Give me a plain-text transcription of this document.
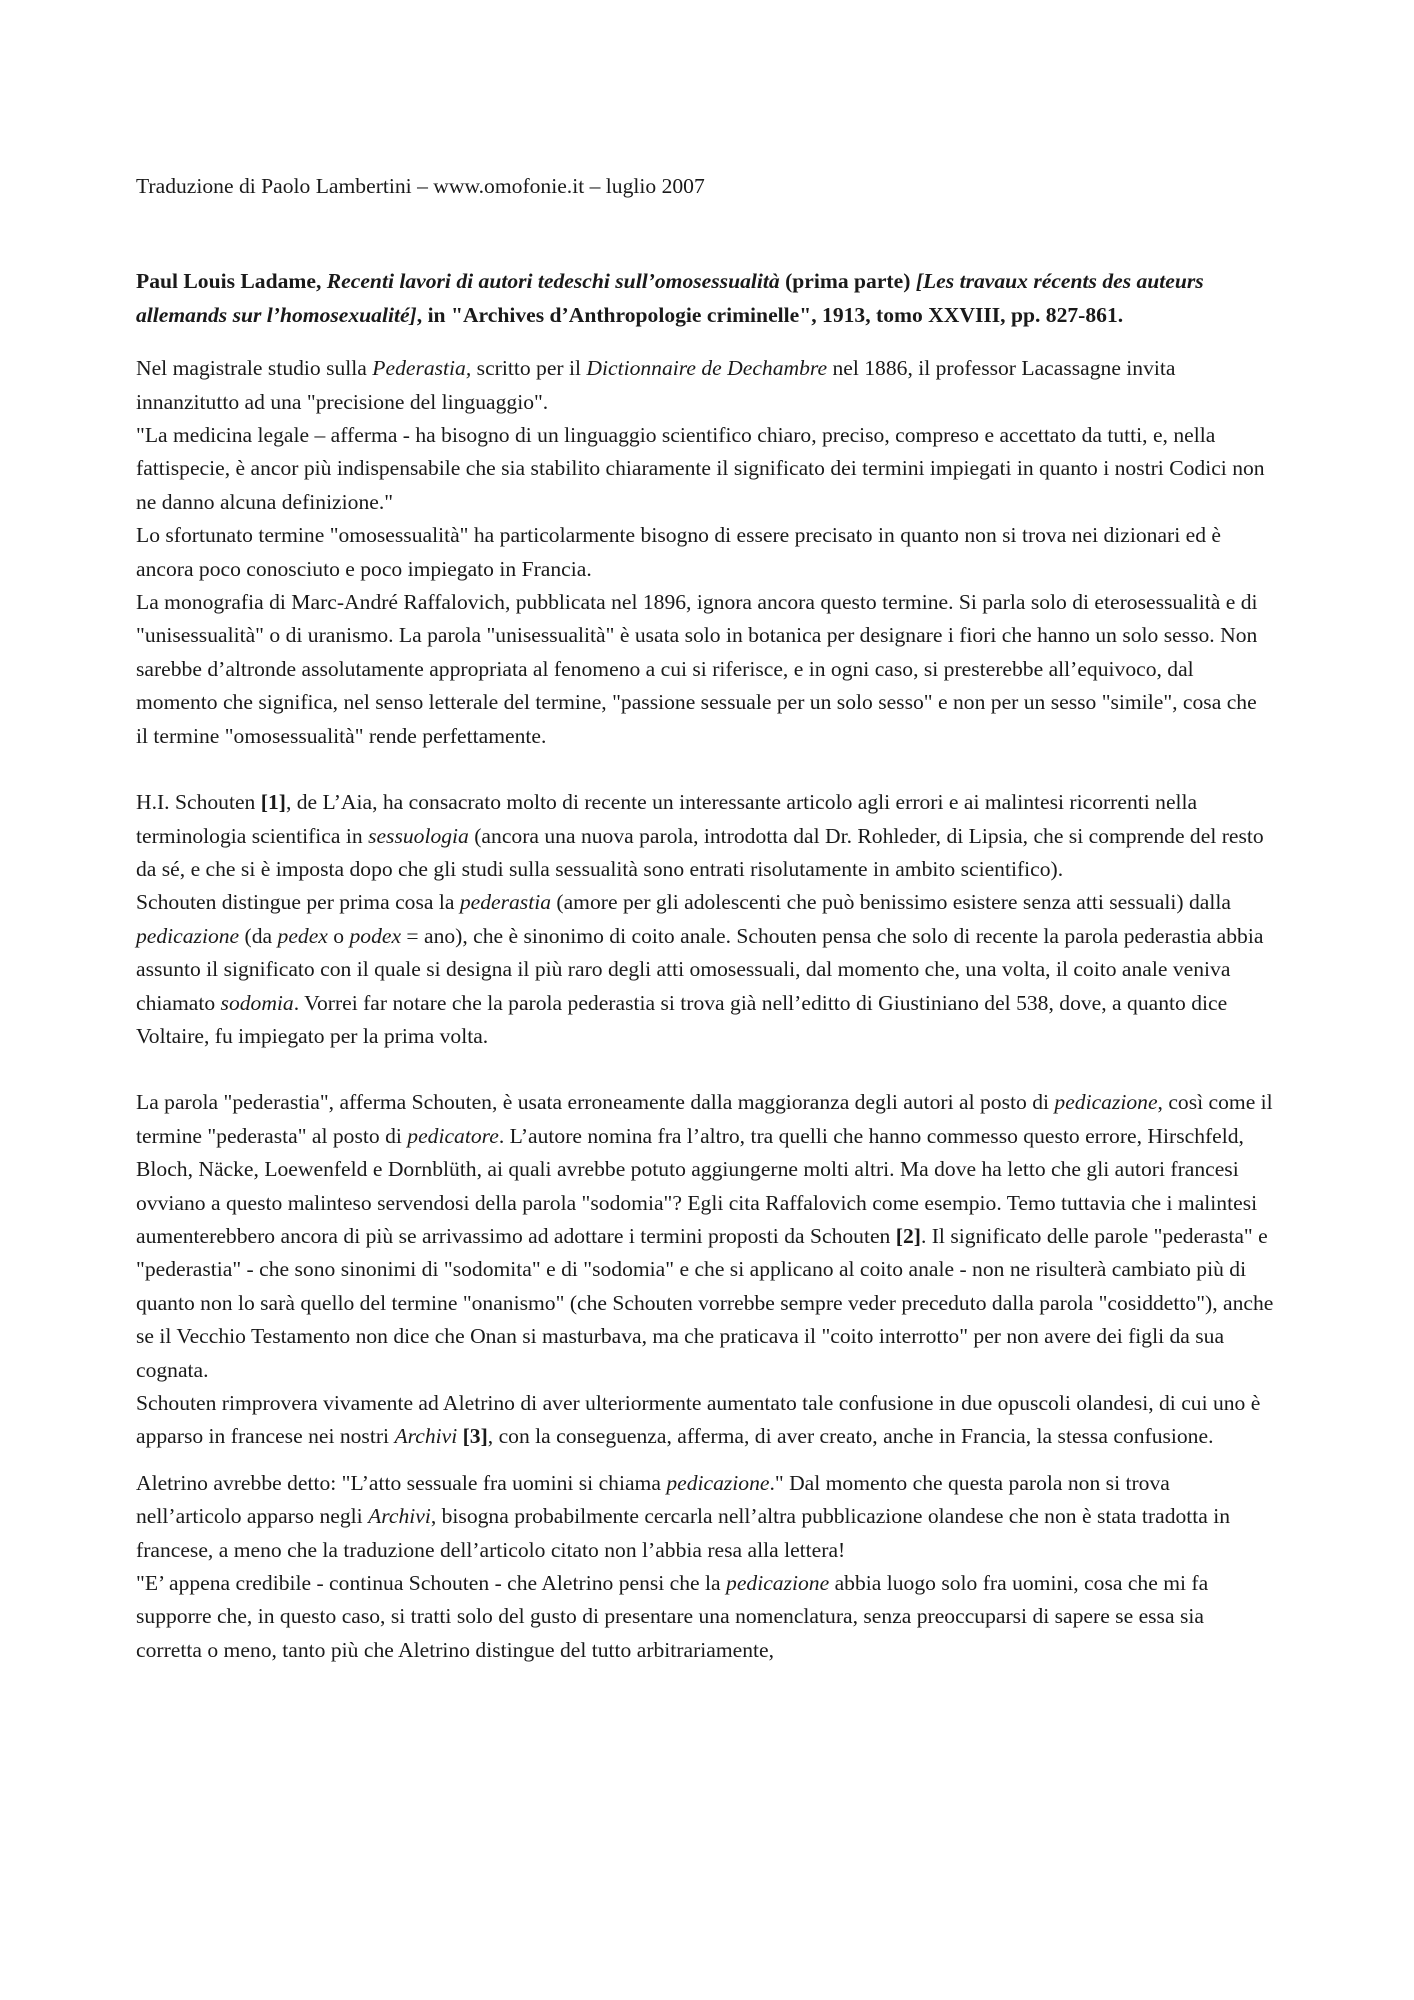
Traduzione di Paolo Lambertini – www.omofonie.it – luglio 2007

Paul Louis Ladame, Recenti lavori di autori tedeschi sull’omosessualità (prima parte) [Les travaux récents des auteurs allemands sur l’homosexualité], in "Archives d’Anthropologie criminelle", 1913, tomo XXVIII, pp. 827-861.

Nel magistrale studio sulla Pederastia, scritto per il Dictionnaire de Dechambre nel 1886, il professor Lacassagne invita innanzitutto ad una "precisione del linguaggio".

"La medicina legale – afferma - ha bisogno di un linguaggio scientifico chiaro, preciso, compreso e accettato da tutti, e, nella fattispecie, è ancor più indispensabile che sia stabilito chiaramente il significato dei termini impiegati in quanto i nostri Codici non ne danno alcuna definizione."

Lo sfortunato termine "omosessualità" ha particolarmente bisogno di essere precisato in quanto non si trova nei dizionari ed è ancora poco conosciuto e poco impiegato in Francia.

La monografia di Marc-André Raffalovich, pubblicata nel 1896, ignora ancora questo termine. Si parla solo di eterosessualità e di "unisessualità" o di uranismo. La parola "unisessualità" è usata solo in botanica per designare i fiori che hanno un solo sesso. Non sarebbe d’altronde assolutamente appropriata al fenomeno a cui si riferisce, e in ogni caso, si presterebbe all’equivoco, dal momento che significa, nel senso letterale del termine, "passione sessuale per un solo sesso" e non per un sesso "simile", cosa che il termine "omosessualità" rende perfettamente.

H.I. Schouten [1], de L’Aia, ha consacrato molto di recente un interessante articolo agli errori e ai malintesi ricorrenti nella terminologia scientifica in sessuologia (ancora una nuova parola, introdotta dal Dr. Rohleder, di Lipsia, che si comprende del resto da sé, e che si è imposta dopo che gli studi sulla sessualità sono entrati risolutamente in ambito scientifico).

Schouten distingue per prima cosa la pederastia (amore per gli adolescenti che può benissimo esistere senza atti sessuali) dalla pedicazione (da pedex o podex = ano), che è sinonimo di coito anale. Schouten pensa che solo di recente la parola pederastia abbia assunto il significato con il quale si designa il più raro degli atti omosessuali, dal momento che, una volta, il coito anale veniva chiamato sodomia. Vorrei far notare che la parola pederastia si trova già nell’editto di Giustiniano del 538, dove, a quanto dice Voltaire, fu impiegato per la prima volta.

La parola "pederastia", afferma Schouten, è usata erroneamente dalla maggioranza degli autori al posto di pedicazione, così come il termine "pederasta" al posto di pedicatore. L’autore nomina fra l’altro, tra quelli che hanno commesso questo errore, Hirschfeld, Bloch, Näcke, Loewenfeld e Dornblüth, ai quali avrebbe potuto aggiungerne molti altri. Ma dove ha letto che gli autori francesi ovviano a questo malinteso servendosi della parola "sodomia"? Egli cita Raffalovich come esempio. Temo tuttavia che i malintesi aumenterebbero ancora di più se arrivassimo ad adottare i termini proposti da Schouten [2]. Il significato delle parole "pederasta" e "pederastia" - che sono sinonimi di "sodomita" e di "sodomia" e che si applicano al coito anale - non ne risulterà cambiato più di quanto non lo sarà quello del termine "onanismo" (che Schouten vorrebbe sempre veder preceduto dalla parola "cosiddetto"), anche se il Vecchio Testamento non dice che Onan si masturbava, ma che praticava il "coito interrotto" per non avere dei figli da sua cognata.

Schouten rimprovera vivamente ad Aletrino di aver ulteriormente aumentato tale confusione in due opuscoli olandesi, di cui uno è apparso in francese nei nostri Archivi [3], con la conseguenza, afferma, di aver creato, anche in Francia, la stessa confusione.

Aletrino avrebbe detto: "L’atto sessuale fra uomini si chiama pedicazione." Dal momento che questa parola non si trova nell’articolo apparso negli Archivi, bisogna probabilmente cercarla nell’altra pubblicazione olandese che non è stata tradotta in francese, a meno che la traduzione dell’articolo citato non l’abbia resa alla lettera!

"E’ appena credibile - continua Schouten - che Aletrino pensi che la pedicazione abbia luogo solo fra uomini, cosa che mi fa supporre che, in questo caso, si tratti solo del gusto di presentare una nomenclatura, senza preoccuparsi di sapere se essa sia corretta o meno, tanto più che Aletrino distingue del tutto arbitrariamente,
